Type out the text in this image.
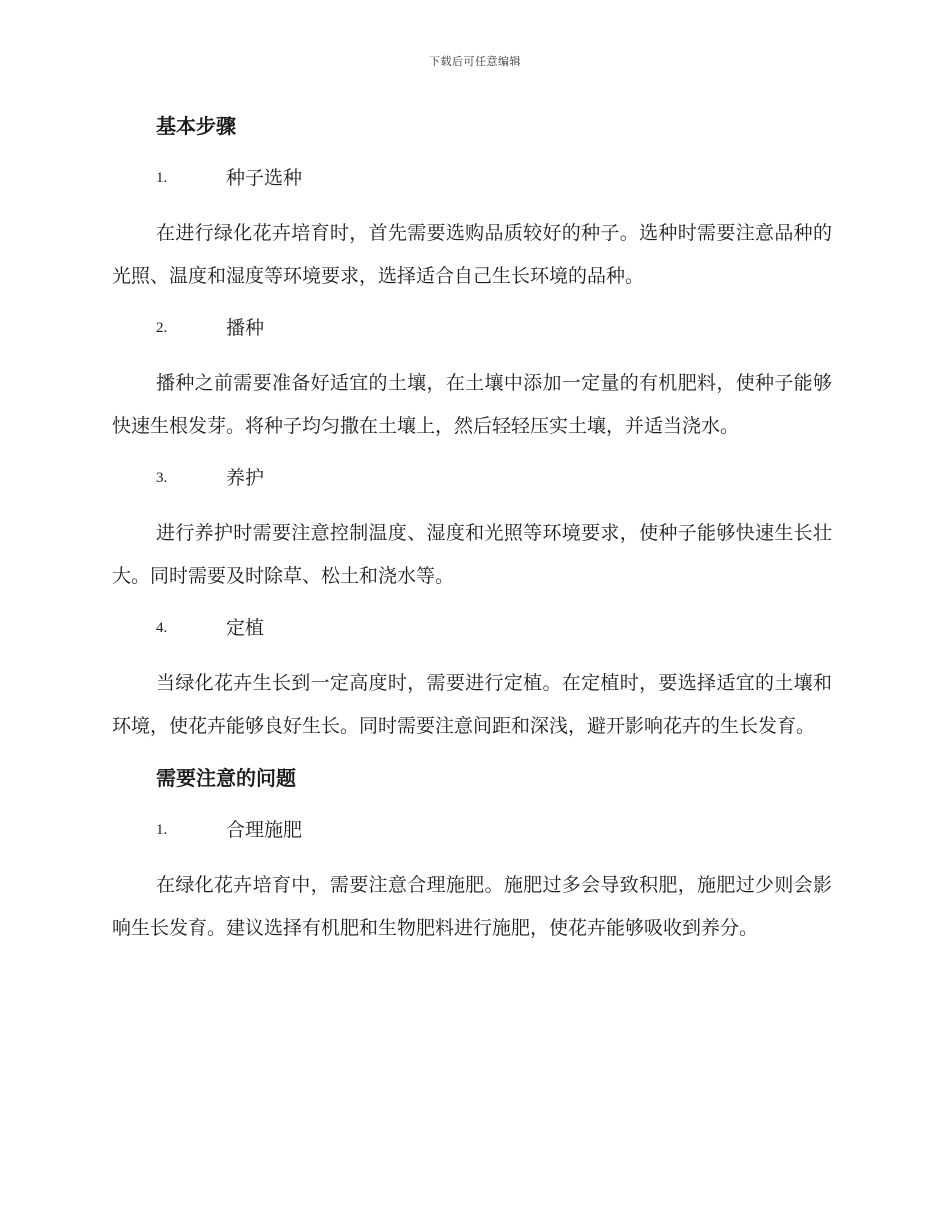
下载后可任意编辑
基本步骤
1.	种子选种

在进行绿化花卉培育时，首先需要选购品质较好的种子。选种时需要注意品种的光照、温度和湿度等环境要求，选择适合自己生长环境的品种。

2.	播种

播种之前需要准备好适宜的土壤，在土壤中添加一定量的有机肥料，使种子能够快速生根发芽。将种子均匀撒在土壤上，然后轻轻压实土壤，并适当浇水。

3.	养护

进行养护时需要注意控制温度、湿度和光照等环境要求，使种子能够快速生长壮大。同时需要及时除草、松土和浇水等。

4.	定植

当绿化花卉生长到一定高度时，需要进行定植。在定植时，要选择适宜的土壤和环境，使花卉能够良好生长。同时需要注意间距和深浅，避开影响花卉的生长发育。

需要注意的问题
1.	合理施肥

在绿化花卉培育中，需要注意合理施肥。施肥过多会导致积肥，施肥过少则会影响生长发育。建议选择有机肥和生物肥料进行施肥，使花卉能够吸收到养分。
